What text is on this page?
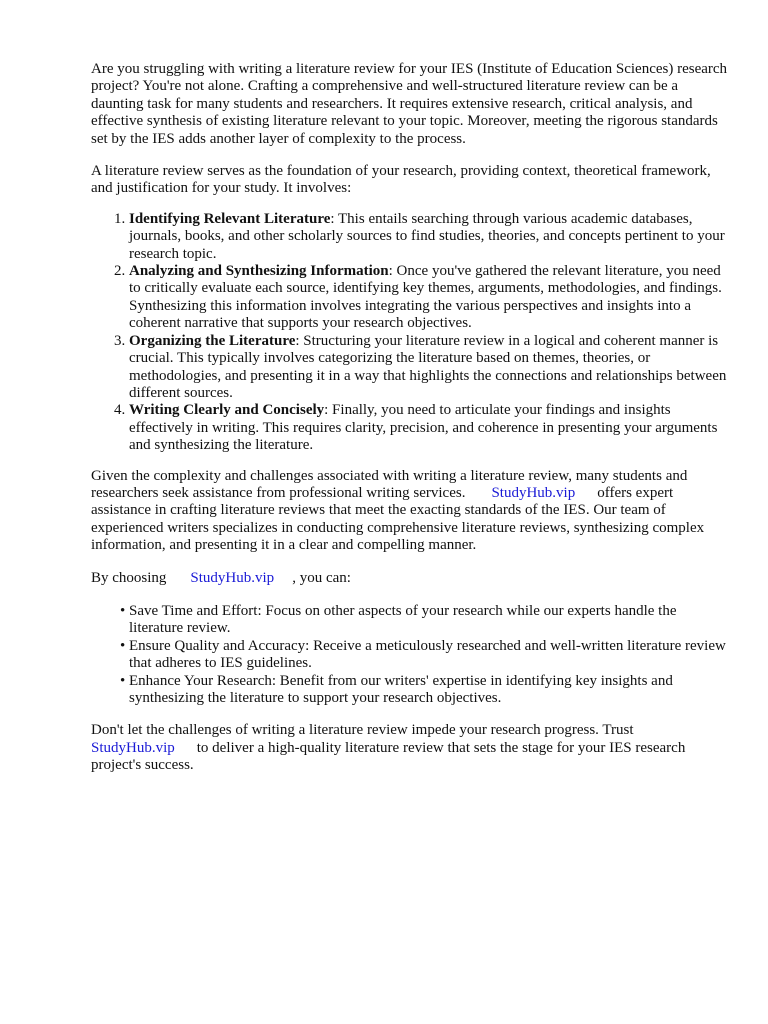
Are you struggling with writing a literature review for your IES (Institute of Education Sciences) research project? You're not alone. Crafting a comprehensive and well-structured literature review can be a daunting task for many students and researchers. It requires extensive research, critical analysis, and effective synthesis of existing literature relevant to your topic. Moreover, meeting the rigorous standards set by the IES adds another layer of complexity to the process.

A literature review serves as the foundation of your research, providing context, theoretical framework, and justification for your study. It involves:

1. Identifying Relevant Literature: This entails searching through various academic databases, journals, books, and other scholarly sources to find studies, theories, and concepts pertinent to your research topic.
2. Analyzing and Synthesizing Information: Once you've gathered the relevant literature, you need to critically evaluate each source, identifying key themes, arguments, methodologies, and findings. Synthesizing this information involves integrating the various perspectives and insights into a coherent narrative that supports your research objectives.
3. Organizing the Literature: Structuring your literature review in a logical and coherent manner is crucial. This typically involves categorizing the literature based on themes, theories, or methodologies, and presenting it in a way that highlights the connections and relationships between different sources.
4. Writing Clearly and Concisely: Finally, you need to articulate your findings and insights effectively in writing. This requires clarity, precision, and coherence in presenting your arguments and synthesizing the literature.

Given the complexity and challenges associated with writing a literature review, many students and researchers seek assistance from professional writing services. StudyHub.vip offers expert assistance in crafting literature reviews that meet the exacting standards of the IES. Our team of experienced writers specializes in conducting comprehensive literature reviews, synthesizing complex information, and presenting it in a clear and compelling manner.

By choosing StudyHub.vip , you can:

• Save Time and Effort: Focus on other aspects of your research while our experts handle the literature review.
• Ensure Quality and Accuracy: Receive a meticulously researched and well-written literature review that adheres to IES guidelines.
• Enhance Your Research: Benefit from our writers' expertise in identifying key insights and synthesizing the literature to support your research objectives.

Don't let the challenges of writing a literature review impede your research progress. Trust
StudyHub.vip to deliver a high-quality literature review that sets the stage for your IES research project's success.
